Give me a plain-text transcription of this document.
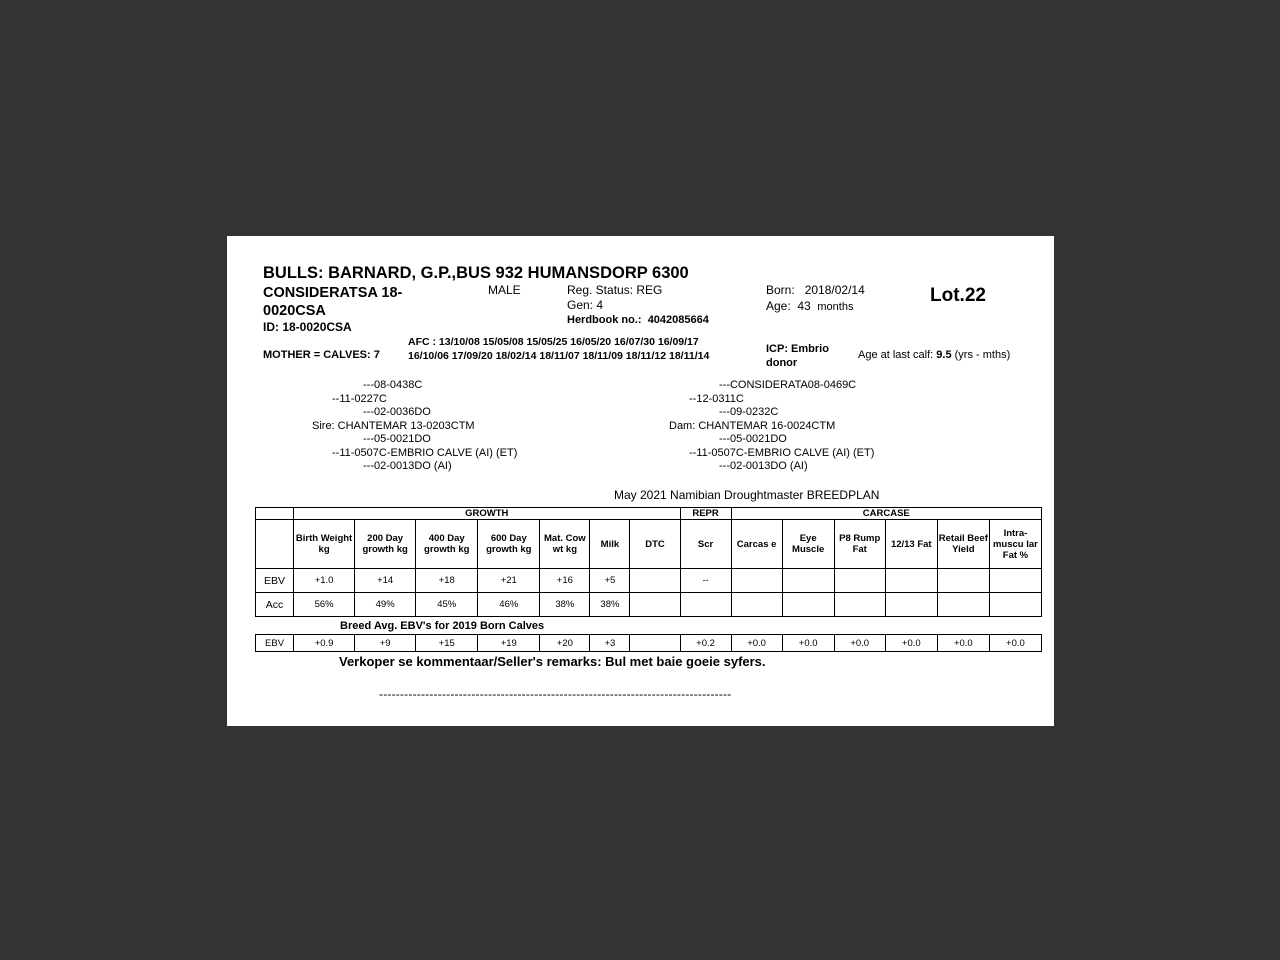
BULLS: BARNARD, G.P.,BUS 932 HUMANSDORP 6300
CONSIDERATSA 18-0020CSA
ID: 18-0020CSA
MALE	Reg. Status: REG
Gen: 4
Herdbook no.: 4042085664
Born: 2018/02/14
Age: 43 months
Lot.22
MOTHER = CALVES: 7
AFC : 13/10/08 15/05/08 15/05/25 16/05/20 16/07/30 16/09/17 16/10/06 17/09/20 18/02/14 18/11/07 18/11/09 18/11/12 18/11/14
ICP: Embrio donor
Age at last calf: 9.5 (yrs - mths)
---08-0438C
--11-0227C
---02-0036DO
Sire: CHANTEMAR 13-0203CTM
---05-0021DO
--11-0507C-EMBRIO CALVE (AI) (ET)
---02-0013DO (AI)
---CONSIDERATA08-0469C
--12-0311C
---09-0232C
Dam: CHANTEMAR 16-0024CTM
---05-0021DO
--11-0507C-EMBRIO CALVE (AI) (ET)
---02-0013DO (AI)
May 2021 Namibian Droughtmaster BREEDPLAN
	GROWTH							REPR	CARCASE					
	Birth Weight kg	200 Day growth kg	400 Day growth kg	600 Day growth kg	Mat. Cow wt kg	Milk	DTC	Scr	Carcas e	Eye Muscle	P8 Rump Fat	12/13 Fat	Retail Beef Yield	Intra-muscu lar Fat %
EBV	+1.0	+14	+18	+21	+16	+5		--						
Acc	56%	49%	45%	46%	38%	38%								
Breed Avg. EBV's for 2019 Born Calves
EBV	+0.9	+9	+15	+19	+20	+3		+0.2	+0.0	+0.0	+0.0	+0.0	+0.0	+0.0
Verkoper se kommentaar/Seller's remarks: Bul met baie goeie syfers.
------------------------------------------------------------------------------------
